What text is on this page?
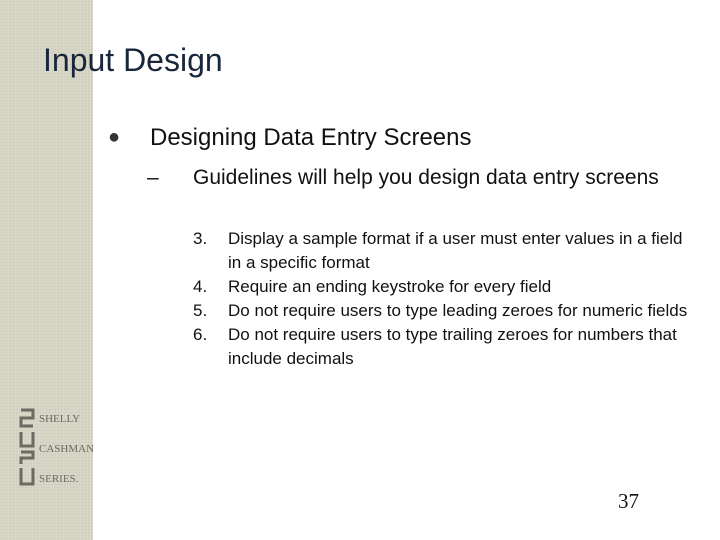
SHELLY
CASHMAN
SERIES.
Input Design
● Designing Data Entry Screens
– Guidelines will help you design data entry screens
3.	Display a sample format if a user must enter values in a field in a specific format
4.	Require an ending keystroke for every field
5.	Do not require users to type leading zeroes for numeric fields
6.	Do not require users to type trailing zeroes for numbers that include decimals
37
